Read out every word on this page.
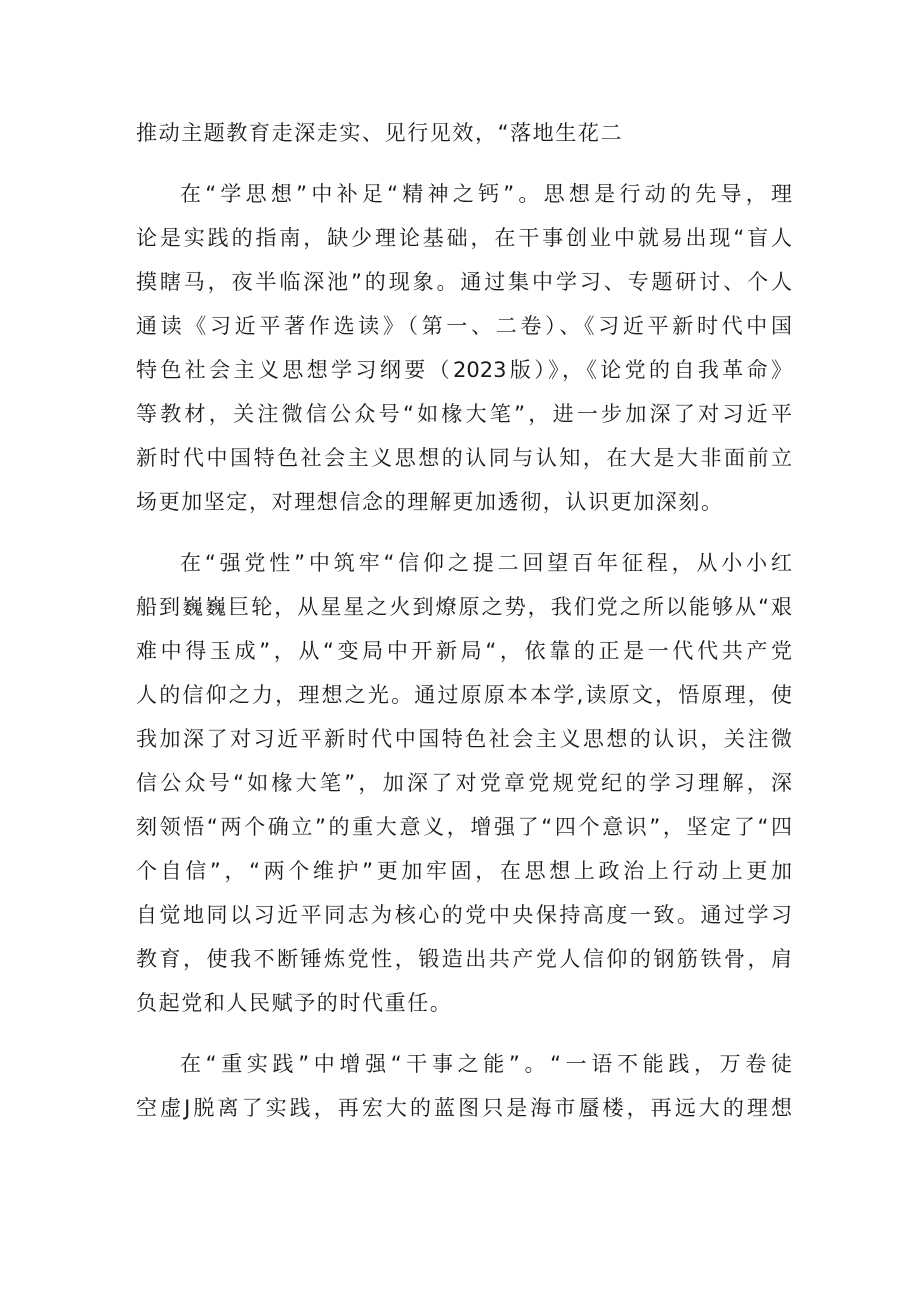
推动主题教育走深走实、见行见效，“落地生花二
在“学思想”中补足“精神之钙”。思想是行动的先导，理
论是实践的指南，缺少理论基础，在干事创业中就易出现“盲人
摸瞎马，夜半临深池”的现象。通过集中学习、专题研讨、个人
通读《习近平著作选读》（第一、二卷）、《习近平新时代中国
特色社会主义思想学习纲要（2023版）》，《论党的自我革命》
等教材，关注微信公众号“如椽大笔”，进一步加深了对习近平
新时代中国特色社会主义思想的认同与认知，在大是大非面前立
场更加坚定，对理想信念的理解更加透彻，认识更加深刻。
在“强党性”中筑牢“信仰之提二回望百年征程，从小小红
船到巍巍巨轮，从星星之火到燎原之势，我们党之所以能够从“艰
难中得玉成”，从“变局中开新局“，依靠的正是一代代共产党
人的信仰之力，理想之光。通过原原本本学,读原文，悟原理，使
我加深了对习近平新时代中国特色社会主义思想的认识，关注微
信公众号“如椽大笔”，加深了对党章党规党纪的学习理解，深
刻领悟“两个确立”的重大意义，增强了“四个意识”，坚定了“四
个自信”，“两个维护”更加牢固，在思想上政治上行动上更加
自觉地同以习近平同志为核心的党中央保持高度一致。通过学习
教育，使我不断锤炼党性，锻造出共产党人信仰的钢筋铁骨，肩
负起党和人民赋予的时代重任。
在“重实践”中增强“干事之能”。“一语不能践，万卷徒
空虚J脱离了实践，再宏大的蓝图只是海市蜃楼，再远大的理想
